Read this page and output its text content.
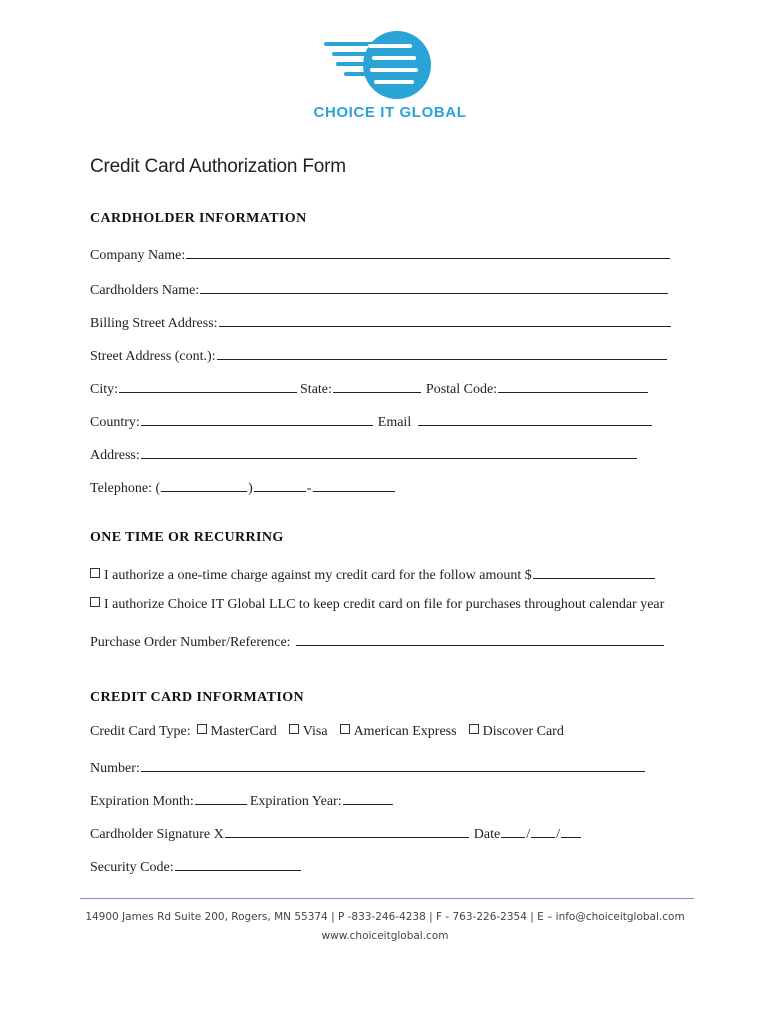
CHOICE IT GLOBAL
Credit Card Authorization Form
CARDHOLDER INFORMATION
Company Name:
Cardholders Name:
Billing Street Address:
Street Address (cont.):
City:	State:	Postal Code:
Country:	Email
Address:
Telephone: (	)	-
ONE TIME OR RECURRING
I authorize a one-time charge against my credit card for the follow amount $
I authorize Choice IT Global LLC to keep credit card on file for purchases throughout calendar year
Purchase Order Number/Reference:
CREDIT CARD INFORMATION
Credit Card Type: MasterCard Visa American Express Discover Card
Number:
Expiration Month:	Expiration Year:
Cardholder Signature X	Date / /
Security Code:
14900 James Rd Suite 200, Rogers, MN 55374 | P -833-246-4238 | F - 763-226-2354 | E – info@choiceitglobal.com
www.choiceitglobal.com
